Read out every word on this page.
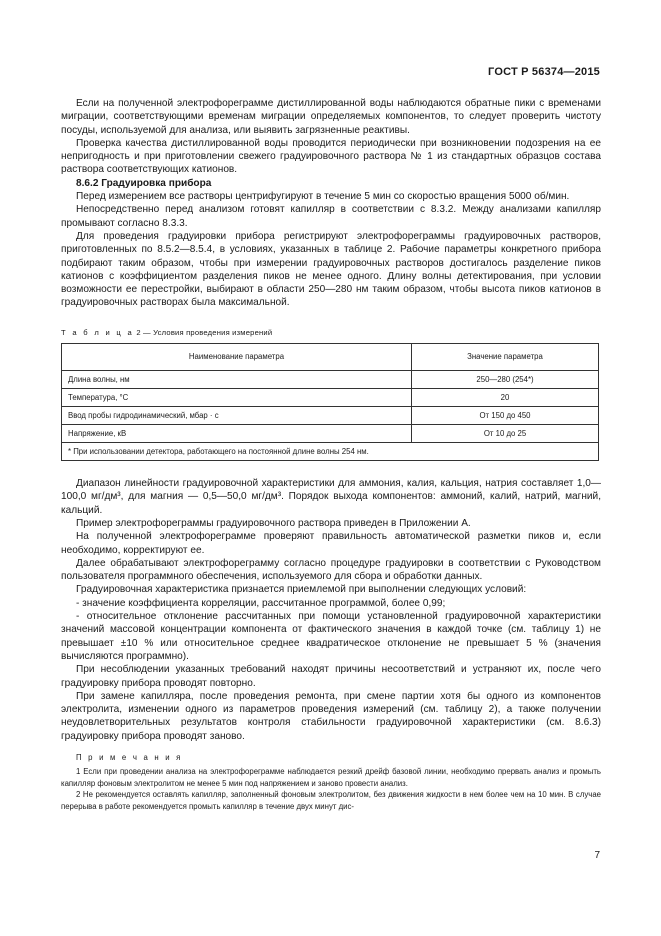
ГОСТ Р 56374—2015

Если на полученной электрофореграмме дистиллированной воды наблюдаются обратные пики с временами миграции, соответствующими временам миграции определяемых компонентов, то следует проверить чистоту посуды, используемой для анализа, или выявить загрязненные реактивы.

Проверка качества дистиллированной воды проводится периодически при возникновении подозрения на ее непригодность и при приготовлении свежего градуировочного раствора № 1 из стандартных образцов состава раствора соответствующих катионов.

8.6.2 Градуировка прибора

Перед измерением все растворы центрифугируют в течение 5 мин со скоростью вращения 5000 об/мин.

Непосредственно перед анализом готовят капилляр в соответствии с 8.3.2. Между анализами капилляр промывают согласно 8.3.3.

Для проведения градуировки прибора регистрируют электрофореграммы градуировочных растворов, приготовленных по 8.5.2—8.5.4, в условиях, указанных в таблице 2. Рабочие параметры конкретного прибора подбирают таким образом, чтобы при измерении градуировочных растворов достигалось разделение пиков катионов с коэффициентом разделения пиков не менее одного. Длину волны детектирования, при условии возможности ее перестройки, выбирают в области 250—280 нм таким образом, чтобы высота пиков катионов в градуировочных растворах была максимальной.

Т а б л и ц а 2 — Условия проведения измерений
Наименование параметра	Значение параметра
Длина волны, нм	250—280 (254*)
Температура, °С	20
Ввод пробы гидродинамический, мбар · с	От 150 до 450
Напряжение, кВ	От 10 до 25
* При использовании детектора, работающего на постоянной длине волны 254 нм.	

Диапазон линейности градуировочной характеристики для аммония, калия, кальция, натрия составляет 1,0—100,0 мг/дм³, для магния — 0,5—50,0 мг/дм³. Порядок выхода компонентов: аммоний, калий, натрий, магний, кальций.

Пример электрофореграммы градуировочного раствора приведен в Приложении А.

На полученной электрофореграмме проверяют правильность автоматической разметки пиков и, если необходимо, корректируют ее.

Далее обрабатывают электрофореграмму согласно процедуре градуировки в соответствии с Руководством пользователя программного обеспечения, используемого для сбора и обработки данных.

Градуировочная характеристика признается приемлемой при выполнении следующих условий:

- значение коэффициента корреляции, рассчитанное программой, более 0,99;

- относительное отклонение рассчитанных при помощи установленной градуировочной характеристики значений массовой концентрации компонента от фактического значения в каждой точке (см. таблицу 1) не превышает ±10 % или относительное среднее квадратическое отклонение не превышает 5 % (значения вычисляются программно).

При несоблюдении указанных требований находят причины несоответствий и устраняют их, после чего градуировку прибора проводят повторно.

При замене капилляра, после проведения ремонта, при смене партии хотя бы одного из компонентов электролита, изменении одного из параметров проведения измерений (см. таблицу 2), а также получении неудовлетворительных результатов контроля стабильности градуировочной характеристики (см. 8.6.3) градуировку прибора проводят заново.

П р и м е ч а н и я

1 Если при проведении анализа на электрофореграмме наблюдается резкий дрейф базовой линии, необходимо прервать анализ и промыть капилляр фоновым электролитом не менее 5 мин под напряжением и заново провести анализ.

2 Не рекомендуется оставлять капилляр, заполненный фоновым электролитом, без движения жидкости в нем более чем на 10 мин. В случае перерыва в работе рекомендуется промыть капилляр в течение двух минут дис-

7
